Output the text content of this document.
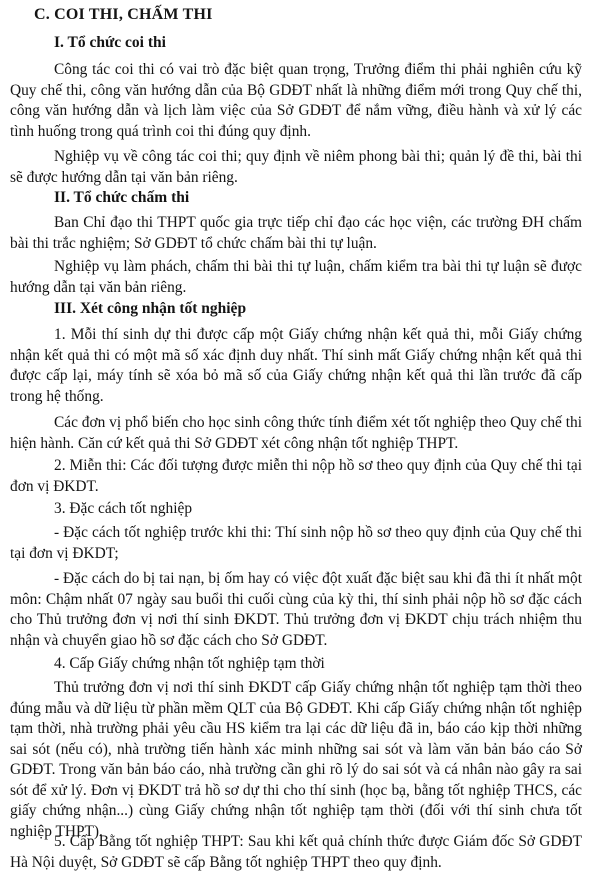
C. COI THI, CHẤM THI
I. Tổ chức coi thi

Công tác coi thi có vai trò đặc biệt quan trọng, Trưởng điểm thi phải nghiên cứu kỹ Quy chế thi, công văn hướng dẫn của Bộ GDĐT nhất là những điểm mới trong Quy chế thi, công văn hướng dẫn và lịch làm việc của Sở GDĐT để nắm vững, điều hành và xử lý các tình huống trong quá trình coi thi đúng quy định.

Nghiệp vụ về công tác coi thi; quy định về niêm phong bài thi; quản lý đề thi, bài thi sẽ được hướng dẫn tại văn bản riêng.

II. Tổ chức chấm thi

Ban Chỉ đạo thi THPT quốc gia trực tiếp chỉ đạo các học viện, các trường ĐH chấm bài thi trắc nghiệm; Sở GDĐT tổ chức chấm bài thi tự luận.

Nghiệp vụ làm phách, chấm thi bài thi tự luận, chấm kiểm tra bài thi tự luận sẽ được hướng dẫn tại văn bản riêng.

III. Xét công nhận tốt nghiệp

1. Mỗi thí sinh dự thi được cấp một Giấy chứng nhận kết quả thi, mỗi Giấy chứng nhận kết quả thi có một mã số xác định duy nhất. Thí sinh mất Giấy chứng nhận kết quả thi được cấp lại, máy tính sẽ xóa bỏ mã số của Giấy chứng nhận kết quả thi lần trước đã cấp trong hệ thống.

Các đơn vị phổ biến cho học sinh công thức tính điểm xét tốt nghiệp theo Quy chế thi hiện hành. Căn cứ kết quả thi Sở GDĐT xét công nhận tốt nghiệp THPT.

2. Miễn thi: Các đối tượng được miễn thi nộp hồ sơ theo quy định của Quy chế thi tại đơn vị ĐKDT.

3. Đặc cách tốt nghiệp

- Đặc cách tốt nghiệp trước khi thi: Thí sinh nộp hồ sơ theo quy định của Quy chế thi tại đơn vị ĐKDT;

- Đặc cách do bị tai nạn, bị ốm hay có việc đột xuất đặc biệt sau khi đã thi ít nhất một môn: Chậm nhất 07 ngày sau buổi thi cuối cùng của kỳ thi, thí sinh phải nộp hồ sơ đặc cách cho Thủ trưởng đơn vị nơi thí sinh ĐKDT. Thủ trưởng đơn vị ĐKDT chịu trách nhiệm thu nhận và chuyển giao hồ sơ đặc cách cho Sở GDĐT.

4. Cấp Giấy chứng nhận tốt nghiệp tạm thời

Thủ trưởng đơn vị nơi thí sinh ĐKDT cấp Giấy chứng nhận tốt nghiệp tạm thời theo đúng mẫu và dữ liệu từ phần mềm QLT của Bộ GDĐT. Khi cấp Giấy chứng nhận tốt nghiệp tạm thời, nhà trường phải yêu cầu HS kiểm tra lại các dữ liệu đã in, báo cáo kịp thời những sai sót (nếu có), nhà trường tiến hành xác minh những sai sót và làm văn bản báo cáo Sở GDĐT. Trong văn bản báo cáo, nhà trường cần ghi rõ lý do sai sót và cá nhân nào gây ra sai sót để xử lý. Đơn vị ĐKDT trả hồ sơ dự thi cho thí sinh (học bạ, bằng tốt nghiệp THCS, các giấy chứng nhận...) cùng Giấy chứng nhận tốt nghiệp tạm thời (đối với thí sinh chưa tốt nghiệp THPT).

5. Cấp Bằng tốt nghiệp THPT: Sau khi kết quả chính thức được Giám đốc Sở GDĐT Hà Nội duyệt, Sở GDĐT sẽ cấp Bằng tốt nghiệp THPT theo quy định.
